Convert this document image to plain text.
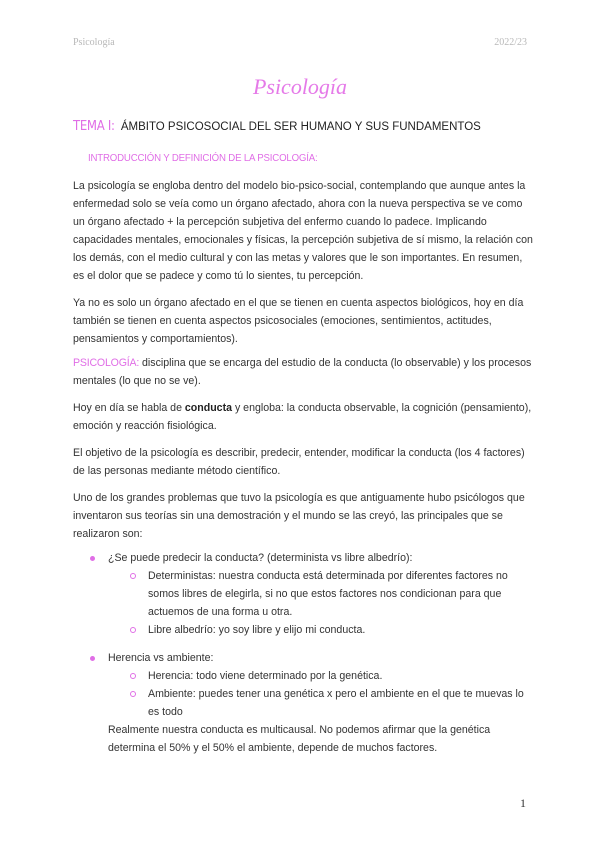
Psicología	2022/23
Psicología
TEMA I: ÁMBITO PSICOSOCIAL DEL SER HUMANO Y SUS FUNDAMENTOS
INTRODUCCIÓN Y DEFINICIÓN DE LA PSICOLOGÍA:

La psicología se engloba dentro del modelo bio-psico-social, contemplando que aunque antes la enfermedad solo se veía como un órgano afectado, ahora con la nueva perspectiva se ve como un órgano afectado + la percepción subjetiva del enfermo cuando lo padece. Implicando capacidades mentales, emocionales y físicas, la percepción subjetiva de sí mismo, la relación con los demás, con el medio cultural y con las metas y valores que le son importantes. En resumen, es el dolor que se padece y como tú lo sientes, tu percepción.

Ya no es solo un órgano afectado en el que se tienen en cuenta aspectos biológicos, hoy en día también se tienen en cuenta aspectos psicosociales (emociones, sentimientos, actitudes, pensamientos y comportamientos).

PSICOLOGÍA: disciplina que se encarga del estudio de la conducta (lo observable) y los procesos mentales (lo que no se ve).

Hoy en día se habla de conducta y engloba: la conducta observable, la cognición (pensamiento), emoción y reacción fisiológica.

El objetivo de la psicología es describir, predecir, entender, modificar la conducta (los 4 factores) de las personas mediante método científico.

Uno de los grandes problemas que tuvo la psicología es que antiguamente hubo psicólogos que inventaron sus teorías sin una demostración y el mundo se las creyó, las principales que se realizaron son:

¿Se puede predecir la conducta? (determinista vs libre albedrío):
Deterministas: nuestra conducta está determinada por diferentes factores no somos libres de elegirla, si no que estos factores nos condicionan para que actuemos de una forma u otra.
Libre albedrío: yo soy libre y elijo mi conducta.
Herencia vs ambiente:
Herencia: todo viene determinado por la genética.
Ambiente: puedes tener una genética x pero el ambiente en el que te muevas lo es todo
Realmente nuestra conducta es multicausal. No podemos afirmar que la genética determina el 50% y el 50% el ambiente, depende de muchos factores.
1
